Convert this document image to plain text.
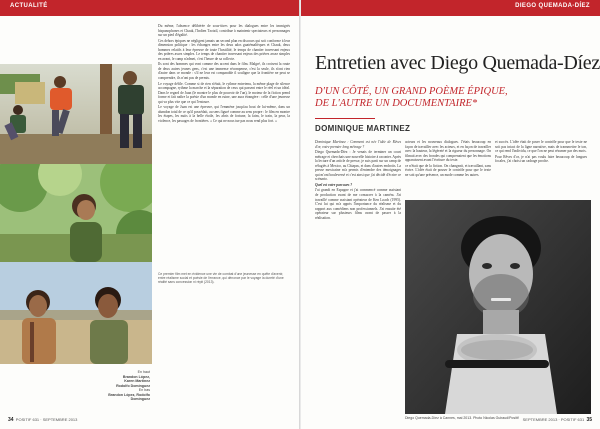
ACTUALITÉ

Du même, l'absence délibérée de sous-titres pour les dialogues entre les immigrés hispanophones et Chauk, l'Indien Tzotzil, contribue à maintenir spectateurs et personnages sur un pied d'égalité.

Ces dehors épiques ne négligent jamais un second plan en discours qui soit conforme à leur dimension politique : les échanges entre les deux ados guatémaltèques et Chauk, deux hommes relatifs à leur épreuve de toute l'hostilité, le temps de chantier traversant enjeux des prières assez simples. Le temps de chantier traversant enjeux des prières assez simples en avant, le camp n'admet, c'est l'heure de sa collecte.

Ils sont des hommes qui vont comme des accent dans le film. Malgré, ils croisent la route de deux autres jeunes gens, c'est une immense récompense, c'est la seule, ils n'ont rien d'autre dans ce monde : s'il ne leur est comparable il souligne que la frontière ne peut se comprendre, ils n'ont pas de permis.

Le voyage défile. Comme si de rien n'était, le rythme entretenu, la même plage de silence accompagne, rythme la marche et la séparation de ceux qui passent entre le réel et un idéal. Dans le regard de Juan (le montre le plus de pouvoir de l'un), le moteur de la fiction prend forme et fait naître la poésie d'un monde en ruine, une aura étrangère : celle d'une jeunesse qui va plus vite que ce qui l'entoure.

Le voyage de Juan est une épreuve, qui l'emmène jusqu'au bout de lui-même, dans un abandon total de ce qu'il possédait, au sens figuré comme au sens propre : le film en montre les étapes, les nuits à la belle étoile, les abris de fortune, la faim, le train, la peur, la violence, les passages de frontières. « Ce qui ne nous tue pas nous rend plus fort. »

Ce premier film met en évidence une vie de combat d'une jeunesse en quête d'avenir, entre réalisme social et poésie de l'errance, qui dénonce par le voyage la dureté d'une réalité sans concession ni répit (2013).
En haut
Brandon López,
Karen Martínez
Rodolfo Domínguez
En bas
Brandon López, Rodolfo Domínguez
34 POSITIF 631 · SEPTEMBRE 2013
DIEGO QUEMADA-DÍEZ
Entretien avec Diego Quemada-Díez
D'UN CÔTÉ, UN GRAND POÈME ÉPIQUE,
DE L'AUTRE UN DOCUMENTAIRE*
DOMINIQUE MARTINEZ

Dominique Martinez : Comment est née l'idée de Rêves d'or, votre premier long métrage ?

Diego Quemada-Díez : Je venais de terminer un court métrage et cherchais une nouvelle histoire à raconter. Après la lecture d'un article de presse, je suis parti sur un camp de réfugiés à Mexico, au Chiapas, et dans d'autres endroits. La presse mexicaine m'a permis d'entendre des témoignages qui m'ont bouleversé et c'est ainsi que j'ai décidé d'écrire ce scénario.

Quel est votre parcours ?

J'ai grandi en Espagne et j'ai commencé comme assistant de production avant de me consacrer à la caméra. J'ai travaillé comme assistant opérateur de Ken Loach (1995). C'est lui qui m'a appris l'importance du réalisme et du rapport aux comédiens non professionnels. J'ai ensuite été opérateur sur plusieurs films avant de passer à la réalisation.

acteurs et les nouveaux dialogues. J'étais beaucoup en façon de travailler avec les acteurs, et en façon de travailler avec la hauteur, la légèreté et la rigueur du personnage. On filmait avec des frondes qui comprenaient que les émotions apparaissent avant l'écriture du texte.

ce n'était que de la fiction. On changeait, et travaillant, sans écrire. L'idée était de pouser le contrôle pour que le texte ne soit qu'une présence, un mode comme les autres.

et succès. L'idée était de poser le contrôle pour que le texte ne soit pas intact de la ligne narrative, mais de transmettre le ton, ce qui rend l'individu, ce que l'on ne peut résumer par des mots.

Pour Rêves d'or, je n'ai pas voulu faire beaucoup de longues focales, j'ai choisi un cadrage proche.

Diego Quemada-Díez à Cannes, mai 2013. Photo Nicolas Guiraud/Positif	SEPTEMBRE 2013 · POSITIF 631 35
